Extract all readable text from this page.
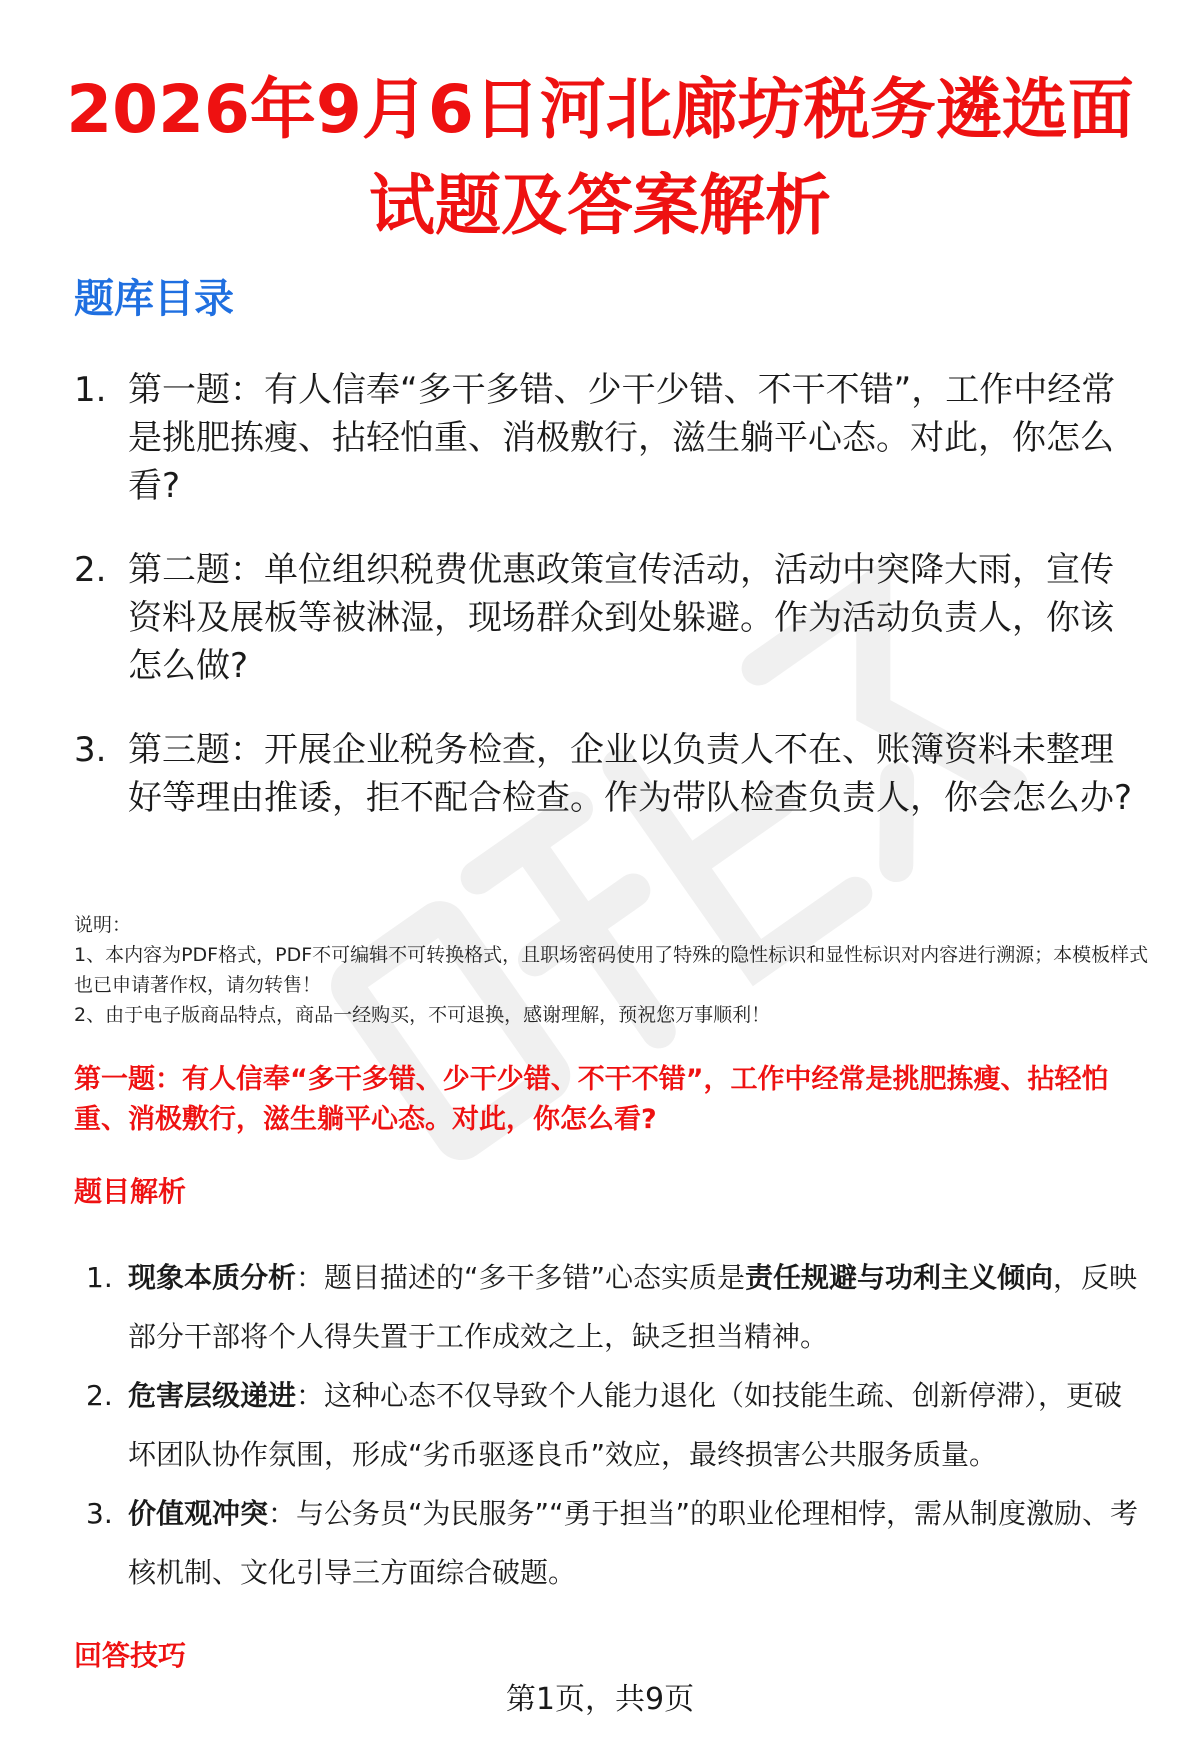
2026年9月6日河北廊坊税务遴选面试题及答案解析
题库目录
1. 第一题：有人信奉“多干多错、少干少错、不干不错”，工作中经常是挑肥拣瘦、拈轻怕重、消极敷行，滋生躺平心态。对此，你怎么看?
2. 第二题：单位组织税费优惠政策宣传活动，活动中突降大雨，宣传资料及展板等被淋湿，现场群众到处躲避。作为活动负责人，你该怎么做?
3. 第三题：开展企业税务检查，企业以负责人不在、账簿资料未整理好等理由推诿，拒不配合检查。作为带队检查负责人，你会怎么办?

说明：

1、本内容为PDF格式，PDF不可编辑不可转换格式，且职场密码使用了特殊的隐性标识和显性标识对内容进行溯源；本模板样式也已申请著作权，请勿转售！

2、由于电子版商品特点，商品一经购买，不可退换，感谢理解，预祝您万事顺利！

第一题：有人信奉“多干多错、少干少错、不干不错”，工作中经常是挑肥拣瘦、拈轻怕重、消极敷行，滋生躺平心态。对此，你怎么看?
题目解析
1. 现象本质分析：题目描述的“多干多错”心态实质是责任规避与功利主义倾向，反映部分干部将个人得失置于工作成效之上，缺乏担当精神。
2. 危害层级递进：这种心态不仅导致个人能力退化（如技能生疏、创新停滞），更破坏团队协作氛围，形成“劣币驱逐良币”效应，最终损害公共服务质量。
3. 价值观冲突：与公务员“为民服务”“勇于担当”的职业伦理相悖，需从制度激励、考核机制、文化引导三方面综合破题。
回答技巧
第1页，共9页
